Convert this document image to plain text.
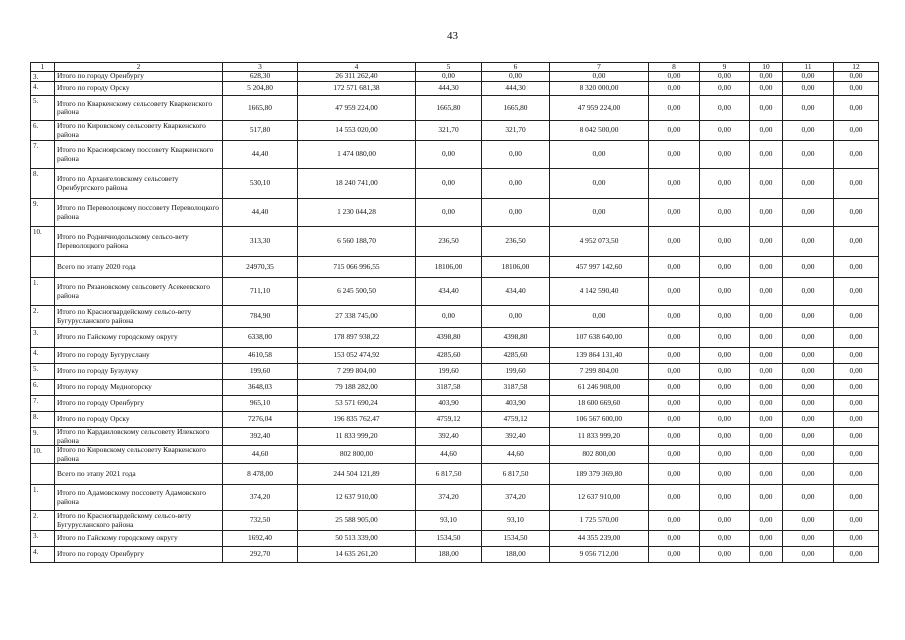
43
1	2	3	4	5	6	7	8	9	10	11	12
3.	Итого по городу Оренбургу	628,30	26 311 262,40	0,00	0,00	0,00	0,00	0,00	0,00	0,00	0,00
4.	Итого по городу Орску	5 204,80	172 571 681,38	444,30	444,30	8 320 000,00	0,00	0,00	0,00	0,00	0,00
5.	Итого по Кваркенскому сельсовету Кваркенского района	1665,80	47 959 224,00	1665,80	1665,80	47 959 224,00	0,00	0,00	0,00	0,00	0,00
6.	Итого по Кировскому сельсовету Кваркенского района	517,80	14 553 020,00	321,70	321,70	8 042 500,00	0,00	0,00	0,00	0,00	0,00
7.	Итого по Красноярскому поссовету Кваркенского района	44,40	1 474 080,00	0,00	0,00	0,00	0,00	0,00	0,00	0,00	0,00
8.	Итого по Архангеловскому сельсовету Оренбургского района	530,10	18 240 741,00	0,00	0,00	0,00	0,00	0,00	0,00	0,00	0,00
9.	Итого по Переволоцкому поссовету Переволоцкого района	44,40	1 230 044,28	0,00	0,00	0,00	0,00	0,00	0,00	0,00	0,00
10.	Итого по Родничнодольскому сельсо-вету Переволоцкого района	313,30	6 560 188,70	236,50	236,50	4 952 073,50	0,00	0,00	0,00	0,00	0,00
	Всего по этапу 2020 года	24970,35	715 066 996,55	18106,00	18106,00	457 997 142,60	0,00	0,00	0,00	0,00	0,00
1.	Итого по Рязановскому сельсовету Асекеевского района	711,10	6 245 500,50	434,40	434,40	4 142 590,40	0,00	0,00	0,00	0,00	0,00
2.	Итого по Красногвардейскому сельсо-вету Бугурусланского района	784,90	27 338 745,00	0,00	0,00	0,00	0,00	0,00	0,00	0,00	0,00
3.	Итого по Гайскому городскому округу	6338,00	178 897 938,22	4398,80	4398,80	107 638 640,00	0,00	0,00	0,00	0,00	0,00
4.	Итого по городу Бугуруслану	4610,58	153 052 474,92	4285,60	4285,60	139 864 131,40	0,00	0,00	0,00	0,00	0,00
5.	Итого по городу Бузулуку	199,60	7 299 804,00	199,60	199,60	7 299 804,00	0,00	0,00	0,00	0,00	0,00
6.	Итого по городу Медногорску	3648,03	79 188 282,00	3187,58	3187,58	61 246 908,00	0,00	0,00	0,00	0,00	0,00
7.	Итого по городу Оренбургу	965,10	53 571 690,24	403,90	403,90	18 600 669,60	0,00	0,00	0,00	0,00	0,00
8.	Итого по городу Орску	7276,04	196 835 762,47	4759,12	4759,12	106 567 600,00	0,00	0,00	0,00	0,00	0,00
9.	Итого по Кардаиловскому сельсовету Илекского района	392,40	11 833 999,20	392,40	392,40	11 833 999,20	0,00	0,00	0,00	0,00	0,00
10.	Итого по Кировскому сельсовету Кваркенского района	44,60	802 800,00	44,60	44,60	802 800,00	0,00	0,00	0,00	0,00	0,00
	Всего по этапу 2021 года	8 478,00	244 504 121,89	6 817,50	6 817,50	189 379 369,80	0,00	0,00	0,00	0,00	0,00
1.	Итого по Адамовскому поссовету Адамовского района	374,20	12 637 910,00	374,20	374,20	12 637 910,00	0,00	0,00	0,00	0,00	0,00
2.	Итого по Красногвардейскому сельсо-вету Бугурусланского района	732,50	25 588 905,00	93,10	93,10	1 725 570,00	0,00	0,00	0,00	0,00	0,00
3.	Итого по Гайскому городскому округу	1692,40	50 513 339,00	1534,50	1534,50	44 355 239,00	0,00	0,00	0,00	0,00	0,00
4.	Итого по городу Оренбургу	292,70	14 635 261,20	188,00	188,00	9 056 712,00	0,00	0,00	0,00	0,00	0,00
